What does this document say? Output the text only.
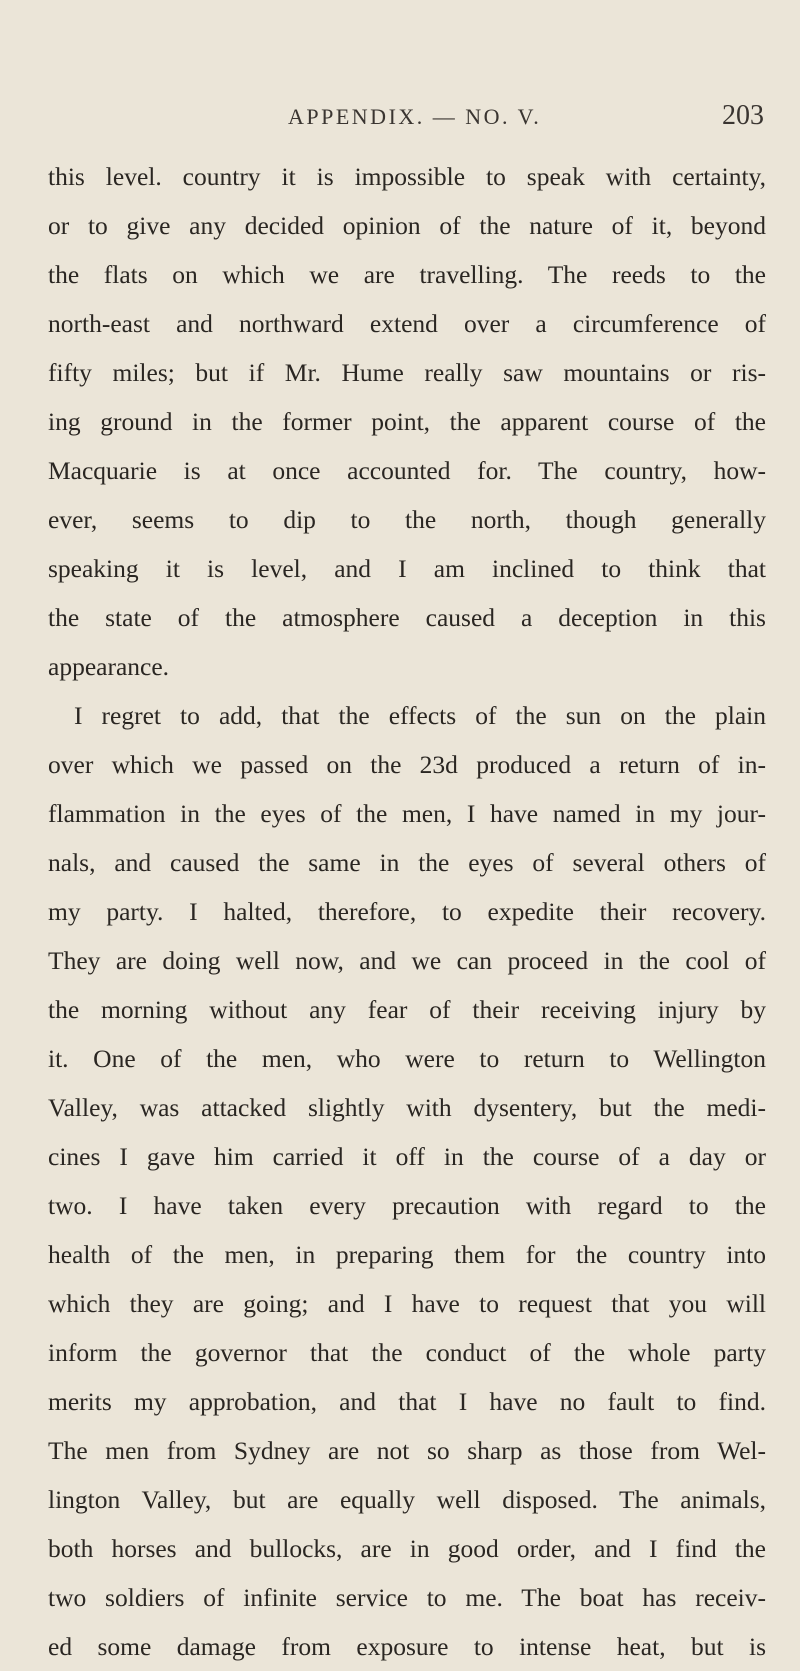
APPENDIX. — NO. V.	203
this level. country it is impossible to speak with certainty,
or to give any decided opinion of the nature of it, beyond
the flats on which we are travelling. The reeds to the
north-east and northward extend over a circumference of
fifty miles; but if Mr. Hume really saw mountains or ris-
ing ground in the former point, the apparent course of the
Macquarie is at once accounted for. The country, how-
ever, seems to dip to the north, though generally
speaking it is level, and I am inclined to think that
the state of the atmosphere caused a deception in this
appearance.
I regret to add, that the effects of the sun on the plain
over which we passed on the 23d produced a return of in-
flammation in the eyes of the men, I have named in my jour-
nals, and caused the same in the eyes of several others of
my party. I halted, therefore, to expedite their recovery.
They are doing well now, and we can proceed in the cool of
the morning without any fear of their receiving injury by
it. One of the men, who were to return to Wellington
Valley, was attacked slightly with dysentery, but the medi-
cines I gave him carried it off in the course of a day or
two. I have taken every precaution with regard to the
health of the men, in preparing them for the country into
which they are going; and I have to request that you will
inform the governor that the conduct of the whole party
merits my approbation, and that I have no fault to find.
The men from Sydney are not so sharp as those from Wel-
lington Valley, but are equally well disposed. The animals,
both horses and bullocks, are in good order, and I find the
two soldiers of infinite service to me. The boat has receiv-
ed some damage from exposure to intense heat, but is
